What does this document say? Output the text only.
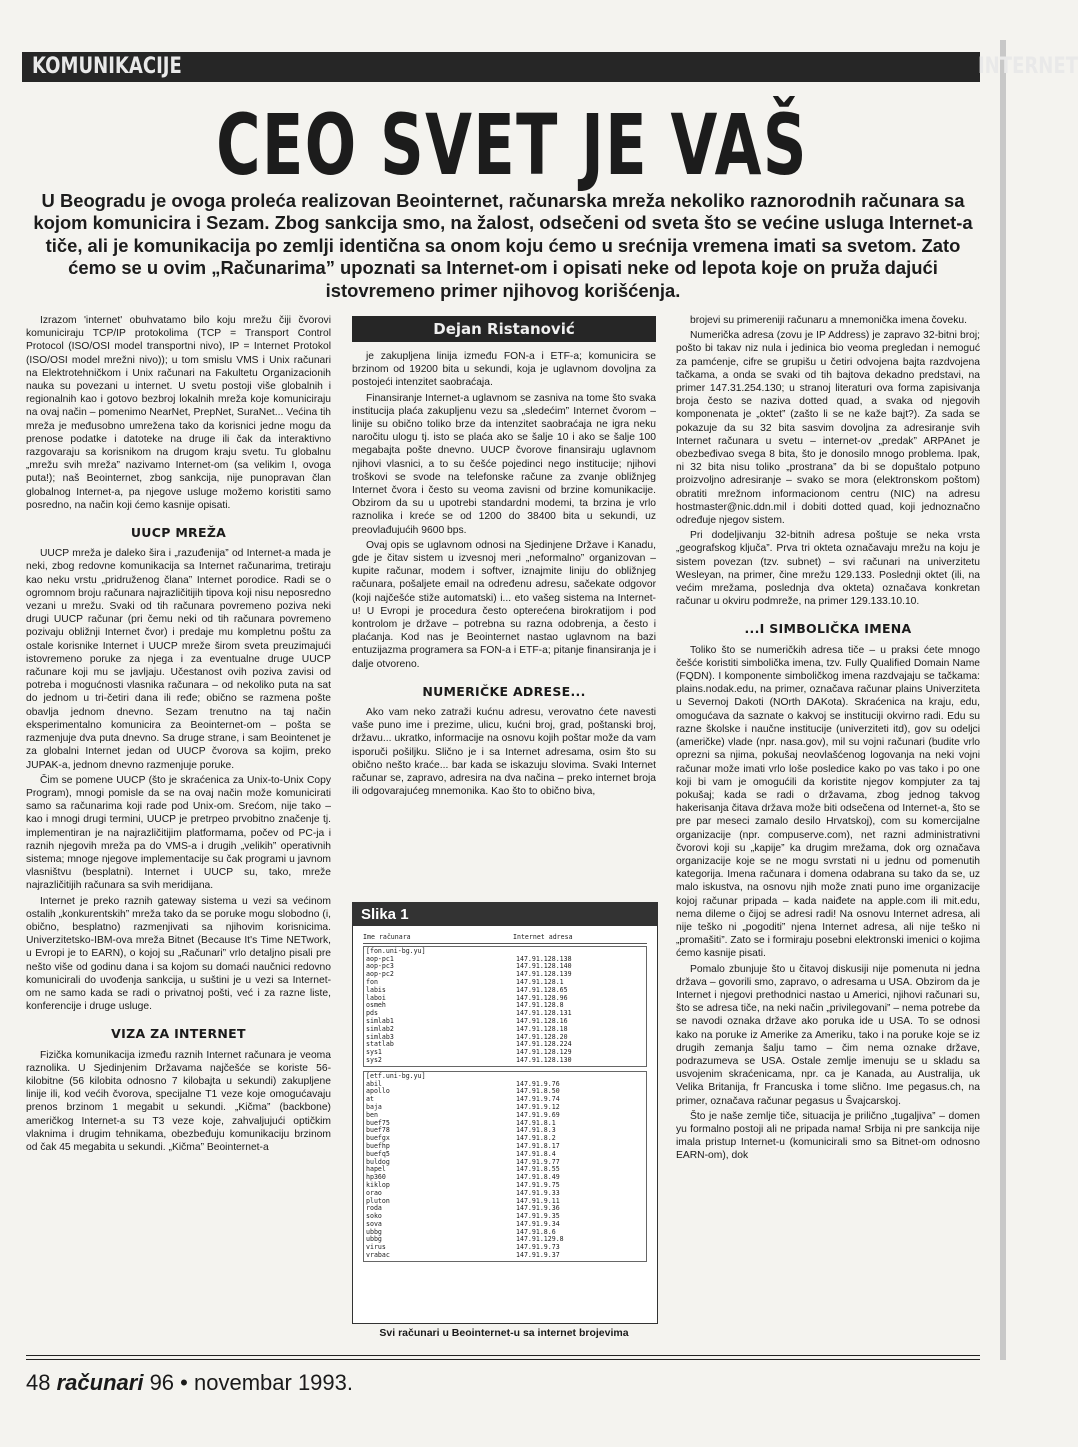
KOMUNIKACIJE	INTERNET
CEO SVET JE VAŠ
U Beogradu je ovoga proleća realizovan Beointernet, računarska mreža nekoliko raznorodnih računara sa kojom komunicira i Sezam. Zbog sankcija smo, na žalost, odsečeni od sveta što se većine usluga Internet-a tiče, ali je komunikacija po zemlji identična sa onom koju ćemo u srećnija vremena imati sa svetom. Zato ćemo se u ovim „Računarima” upoznati sa Internet-om i opisati neke od lepota koje on pruža dajući istovremeno primer njihovog korišćenja.

Izrazom 'internet' obuhvatamo bilo koju mrežu čiji čvorovi komuniciraju TCP/IP protokolima (TCP = Transport Control Protocol (ISO/OSI model transportni nivo), IP = Internet Protokol (ISO/OSI model mrežni nivo)); u tom smislu VMS i Unix računari na Elektrotehničkom i Unix računari na Fakultetu Organizacionih nauka su povezani u internet. U svetu postoji više globalnih i regionalnih kao i gotovo bezbroj lokalnih mreža koje komuniciraju na ovaj način – pomenimo NearNet, PrepNet, SuraNet... Većina tih mreža je međusobno umrežena tako da korisnici jedne mogu da prenose podatke i datoteke na druge ili čak da interaktivno razgovaraju sa korisnikom na drugom kraju svetu. Tu globalnu „mrežu svih mreža” nazivamo Internet-om (sa velikim I, ovoga puta!); naš Beointernet, zbog sankcija, nije punopravan član globalnog Internet-a, pa njegove usluge možemo koristiti samo posredno, na način koji ćemo kasnije opisati.

UUCP MREŽA

UUCP mreža je daleko šira i „razuđenija” od Internet-a mada je neki, zbog redovne komunikacija sa Internet računarima, tretiraju kao neku vrstu „pridruženog člana” Internet porodice. Radi se o ogromnom broju računara najrazličitijih tipova koji nisu neposredno vezani u mrežu. Svaki od tih računara povremeno poziva neki drugi UUCP računar (pri čemu neki od tih računara povremeno pozivaju obližnji Internet čvor) i predaje mu kompletnu poštu za ostale korisnike Internet i UUCP mreže širom sveta preuzimajući istovremeno poruke za njega i za eventualne druge UUCP računare koji mu se javljaju. Učestanost ovih poziva zavisi od potreba i mogućnosti vlasnika računara – od nekoliko puta na sat do jednom u tri-četiri dana ili ređe; obično se razmena pošte obavlja jednom dnevno. Sezam trenutno na taj način eksperimentalno komunicira za Beointernet-om – pošta se razmenjuje dva puta dnevno. Sa druge strane, i sam Beointenet je za globalni Internet jedan od UUCP čvorova sa kojim, preko JUPAK-a, jednom dnevno razmenjuje poruke.

Čim se pomene UUCP (što je skraćenica za Unix-to-Unix Copy Program), mnogi pomisle da se na ovaj način može komunicirati samo sa računarima koji rade pod Unix-om. Srećom, nije tako – kao i mnogi drugi termini, UUCP je pretrpeo prvobitno značenje tj. implementiran je na najrazličitijim platformama, počev od PC-ja i raznih njegovih mreža pa do VMS-a i drugih „velikih” operativnih sistema; mnoge njegove implementacije su čak programi u javnom vlasništvu (besplatni). Internet i UUCP su, tako, mreže najrazličitijih računara sa svih meridijana.

Internet je preko raznih gateway sistema u vezi sa većinom ostalih „konkurentskih” mreža tako da se poruke mogu slobodno (i, obično, besplatno) razmenjivati sa njihovim korisnicima. Univerzitetsko-IBM-ova mreža Bitnet (Because It's Time NETwork, u Evropi je to EARN), o kojoj su „Računari” vrlo detaljno pisali pre nešto više od godinu dana i sa kojom su domaći naučnici redovno komunicirali do uvođenja sankcija, u suštini je u vezi sa Internet-om ne samo kada se radi o privatnoj pošti, već i za razne liste, konferencije i druge usluge.

VIZA ZA INTERNET

Fizička komunikacija između raznih Internet računara je veoma raznolika. U Sjedinjenim Državama najčešće se koriste 56-kilobitne (56 kilobita odnosno 7 kilobajta u sekundi) zakupljene linije ili, kod većih čvorova, specijalne T1 veze koje omogućavaju prenos brzinom 1 megabit u sekundi. „Kičma” (backbone) američkog Internet-a su T3 veze koje, zahvaljujući optičkim vlaknima i drugim tehnikama, obezbeđuju komunikaciju brzinom od čak 45 megabita u sekundi. „Kičma” Beointernet-a

Dejan Ristanović

je zakupljena linija između FON-a i ETF-a; komunicira se brzinom od 19200 bita u sekundi, koja je uglavnom dovoljna za postojeći intenzitet saobraćaja.

Finansiranje Internet-a uglavnom se zasniva na tome što svaka institucija plaća zakupljenu vezu sa „sledećim” Internet čvorom – linije su obično toliko brze da intenzitet saobraćaja ne igra neku naročitu ulogu tj. isto se plaća ako se šalje 10 i ako se šalje 100 megabajta pošte dnevno. UUCP čvorove finansiraju uglavnom njihovi vlasnici, a to su češće pojedinci nego institucije; njihovi troškovi se svode na telefonske račune za zvanje obližnjeg Internet čvora i često su veoma zavisni od brzine komunikacije. Obzirom da su u upotrebi standardni modemi, ta brzina je vrlo raznolika i kreće se od 1200 do 38400 bita u sekundi, uz preovlađujućih 9600 bps.

Ovaj opis se uglavnom odnosi na Sjedinjene Države i Kanadu, gde je čitav sistem u izvesnoj meri „neformalno” organizovan – kupite računar, modem i softver, iznajmite liniju do obližnjeg računara, pošaljete email na određenu adresu, sačekate odgovor (koji najčešće stiže automatski) i... eto vašeg sistema na Internet-u! U Evropi je procedura često opterećena birokratijom i pod kontrolom je države – potrebna su razna odobrenja, a često i plaćanja. Kod nas je Beointernet nastao uglavnom na bazi entuzijazma programera sa FON-a i ETF-a; pitanje finansiranja je i dalje otvoreno.

NUMERIČKE ADRESE...

Ako vam neko zatraži kućnu adresu, verovatno ćete navesti vaše puno ime i prezime, ulicu, kućni broj, grad, poštanski broj, državu... ukratko, informacije na osnovu kojih poštar može da vam isporuči pošiljku. Slično je i sa Internet adresama, osim što su obično nešto kraće... bar kada se iskazuju slovima. Svaki Internet računar se, zapravo, adresira na dva načina – preko internet broja ili odgovarajućeg mnemonika. Kao što to obično biva,

Slika 1
Ime računara	Internet adresa
[fon.uni-bg.yu]
aop-pc1	147.91.128.138
aop-pc3	147.91.128.140
aop-pc2	147.91.128.139
fon	147.91.128.1
labis	147.91.128.65
laboi	147.91.128.96
osmeh	147.91.128.8
pds	147.91.128.131
simlab1	147.91.128.16
simlab2	147.91.128.18
simlab3	147.91.128.20
statlab	147.91.128.224
sys1	147.91.128.129
sys2	147.91.128.130
[etf.uni-bg.yu]
abil	147.91.9.76
apollo	147.91.8.50
at	147.91.9.74
baja	147.91.9.12
ben	147.91.9.69
buef75	147.91.8.1
buef78	147.91.8.3
buefgx	147.91.8.2
buefhp	147.91.8.17
buefq5	147.91.8.4
buldog	147.91.9.77
hapel	147.91.8.55
hp360	147.91.8.49
kiklop	147.91.9.75
orao	147.91.9.33
pluton	147.91.9.11
roda	147.91.9.36
soko	147.91.9.35
sova	147.91.9.34
ubbg	147.91.8.6
ubbg	147.91.129.8
virus	147.91.9.73
vrabac	147.91.9.37
Svi računari u Beointernet-u sa internet brojevima

brojevi su primereniji računaru a mnemonička imena čoveku.

Numerička adresa (zovu je IP Address) je zapravo 32-bitni broj; pošto bi takav niz nula i jedinica bio veoma pregledan i nemoguć za pamćenje, cifre se grupišu u četiri odvojena bajta razdvojena tačkama, a onda se svaki od tih bajtova dekadno predstavi, na primer 147.31.254.130; u stranoj literaturi ova forma zapisivanja broja često se naziva dotted quad, a svaka od njegovih komponenata je „oktet” (zašto li se ne kaže bajt?). Za sada se pokazuje da su 32 bita sasvim dovoljna za adresiranje svih Internet računara u svetu – internet-ov „predak” ARPAnet je obezbeđivao svega 8 bita, što je donosilo mnogo problema. Ipak, ni 32 bita nisu toliko „prostrana” da bi se dopuštalo potpuno proizvoljno adresiranje – svako se mora (elektronskom poštom) obratiti mrežnom informacionom centru (NIC) na adresu hostmaster@nic.ddn.mil i dobiti dotted quad, koji jednoznačno određuje njegov sistem.

Pri dodeljivanju 32-bitnih adresa poštuje se neka vrsta „geografskog ključa”. Prva tri okteta označavaju mrežu na koju je sistem povezan (tzv. subnet) – svi računari na univerzitetu Wesleyan, na primer, čine mrežu 129.133. Poslednji oktet (ili, na većim mrežama, poslednja dva okteta) označava konkretan računar u okviru podmreže, na primer 129.133.10.10.

...I SIMBOLIČKA IMENA

Toliko što se numeričkih adresa tiče – u praksi ćete mnogo češće koristiti simbolička imena, tzv. Fully Qualified Domain Name (FQDN). I komponente simboličkog imena razdvajaju se tačkama: plains.nodak.edu, na primer, označava računar plains Univerziteta u Severnoj Dakoti (NOrth DAKota). Skraćenica na kraju, edu, omogućava da saznate o kakvoj se instituciji okvirno radi. Edu su razne školske i naučne institucije (univerziteti itd), gov su odeljci (američke) vlade (npr. nasa.gov), mil su vojni računari (budite vrlo oprezni sa njima, pokušaj neovlašćenog logovanja na neki vojni računar može imati vrlo loše posledice kako po vas tako i po one koji bi vam je omogućili da koristite njegov kompjuter za taj pokušaj; kada se radi o državama, zbog jednog takvog hakerisanja čitava država može biti odsečena od Internet-a, što se pre par meseci zamalo desilo Hrvatskoj), com su komercijalne organizacije (npr. compuserve.com), net razni administrativni čvorovi koji su „kapije” ka drugim mrežama, dok org označava organizacije koje se ne mogu svrstati ni u jednu od pomenutih kategorija. Imena računara i domena odabrana su tako da se, uz malo iskustva, na osnovu njih može znati puno ime organizacije kojoj računar pripada – kada naiđete na apple.com ili mit.edu, nema dileme o čijoj se adresi radi! Na osnovu Internet adresa, ali nije teško ni „pogoditi” njena Internet adresa, ali nije teško ni „promašiti”. Zato se i formiraju posebni elektronski imenici o kojima ćemo kasnije pisati.

Pomalo zbunjuje što u čitavoj diskusiji nije pomenuta ni jedna država – govorili smo, zapravo, o adresama u USA. Obzirom da je Internet i njegovi prethodnici nastao u Americi, njihovi računari su, što se adresa tiče, na neki način „privilegovani” – nema potrebe da se navodi oznaka države ako poruka ide u USA. To se odnosi kako na poruke iz Amerike za Ameriku, tako i na poruke koje se iz drugih zemanja šalju tamo – čim nema oznake države, podrazumeva se USA. Ostale zemlje imenuju se u skladu sa usvojenim skraćenicama, npr. ca je Kanada, au Australija, uk Velika Britanija, fr Francuska i tome slično. Ime pegasus.ch, na primer, označava računar pegasus u Švajcarskoj.

Što je naše zemlje tiče, situacija je prilično „tugaljiva” – domen yu formalno postoji ali ne pripada nama! Srbija ni pre sankcija nije imala pristup Internet-u (komunicirali smo sa Bitnet-om odnosno EARN-om), dok

48 računari 96 • novembar 1993.
